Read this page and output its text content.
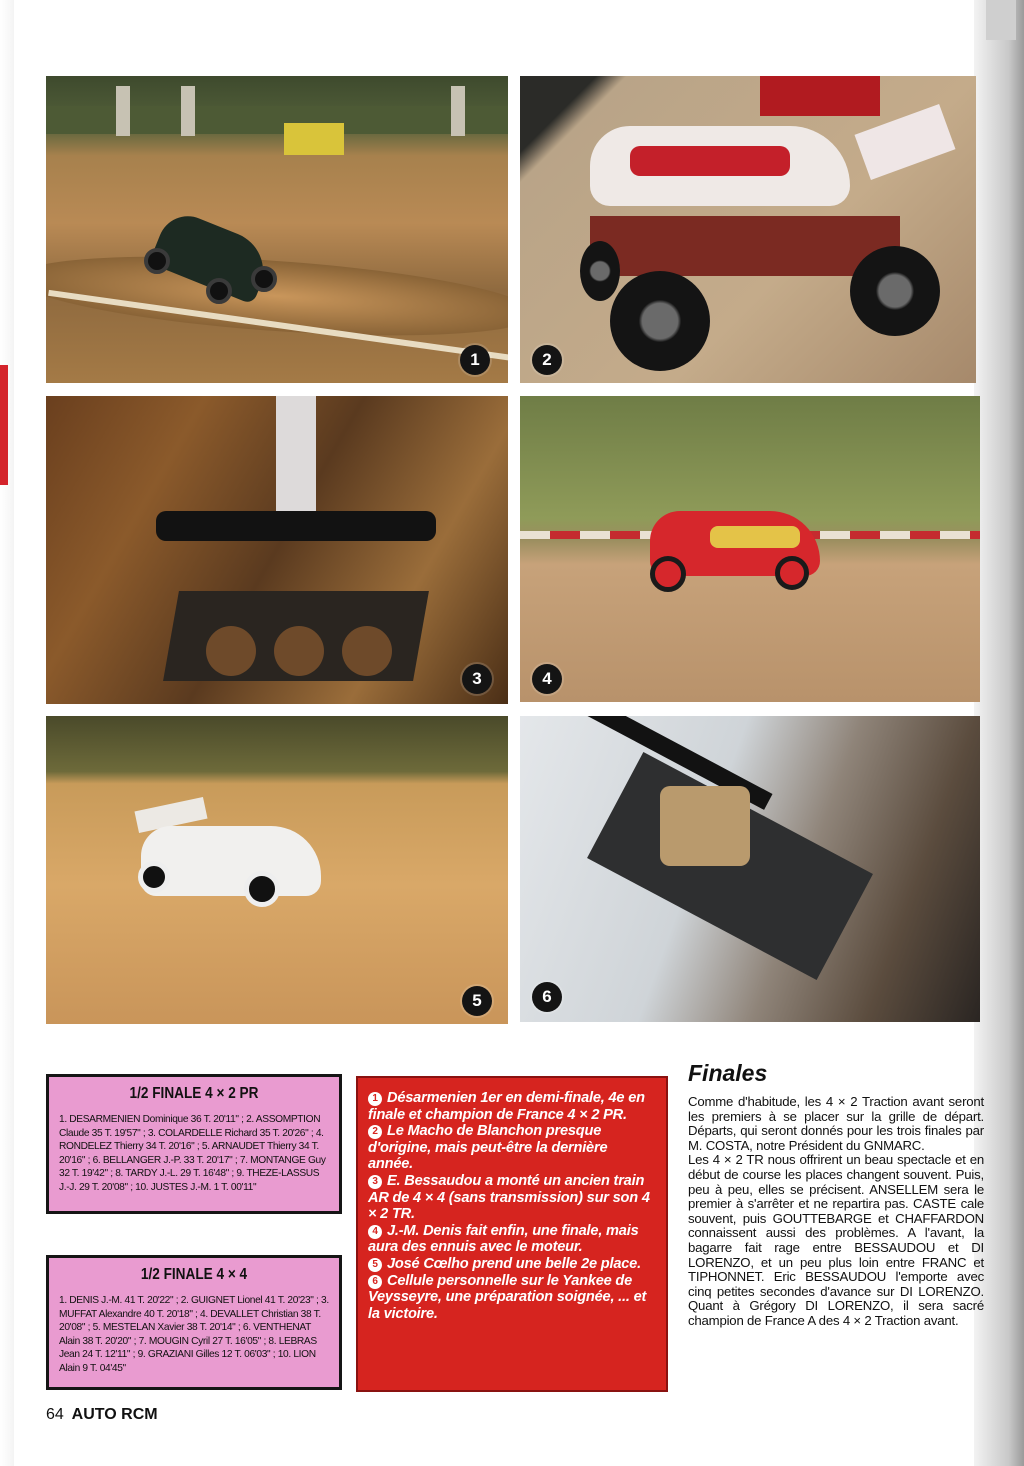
1	2
3	4
5	6
1/2 FINALE 4 × 2 PR

1. DESARMENIEN Dominique 36 T. 20'11" ; 2. ASSOMPTION Claude 35 T. 19'57" ; 3. COLARDELLE Richard 35 T. 20'26" ; 4. RONDELEZ Thierry 34 T. 20'16" ; 5. ARNAUDET Thierry 34 T. 20'16" ; 6. BELLANGER J.-P. 33 T. 20'17" ; 7. MONTANGE Guy 32 T. 19'42" ; 8. TARDY J.-L. 29 T. 16'48" ; 9. THEZE-LASSUS J.-J. 29 T. 20'08" ; 10. JUSTES J.-M. 1 T. 00'11"

1/2 FINALE 4 × 4

1. DENIS J.-M. 41 T. 20'22" ; 2. GUIGNET Lionel 41 T. 20'23" ; 3. MUFFAT Alexandre 40 T. 20'18" ; 4. DEVALLET Christian 38 T. 20'08" ; 5. MESTELAN Xavier 38 T. 20'14" ; 6. VENTHENAT Alain 38 T. 20'20" ; 7. MOUGIN Cyril 27 T. 16'05" ; 8. LEBRAS Jean 24 T. 12'11" ; 9. GRAZIANI Gilles 12 T. 06'03" ; 10. LION Alain 9 T. 04'45"

1 Désarmenien 1er en demi-finale, 4e en finale et champion de France 4 × 2 PR.

2 Le Macho de Blanchon presque d'origine, mais peut-être la dernière année.

3 E. Bessaudou a monté un ancien train AR de 4 × 4 (sans transmission) sur son 4 × 2 TR.

4 J.-M. Denis fait enfin, une finale, mais aura des ennuis avec le moteur.

5 José Cœlho prend une belle 2e place.

6 Cellule personnelle sur le Yankee de Veysseyre, une préparation soignée, ... et la victoire.

Finales

Comme d'habitude, les 4 × 2 Traction avant seront les premiers à se placer sur la grille de départ. Départs, qui seront donnés pour les trois finales par M. COSTA, notre Président du GNMARC.

Les 4 × 2 TR nous offrirent un beau spectacle et en début de course les places changent souvent. Puis, peu à peu, elles se précisent. ANSELLEM sera le premier à s'arrêter et ne repartira pas. CASTE cale souvent, puis GOUTTEBARGE et CHAFFARDON connaissent aussi des problèmes. A l'avant, la bagarre fait rage entre BESSAUDOU et DI LORENZO, et un peu plus loin entre FRANC et TIPHONNET. Eric BESSAUDOU l'emporte avec cinq petites secondes d'avance sur DI LORENZO. Quant à Grégory DI LORENZO, il sera sacré champion de France A des 4 × 2 Traction avant.

64 AUTO RCM
